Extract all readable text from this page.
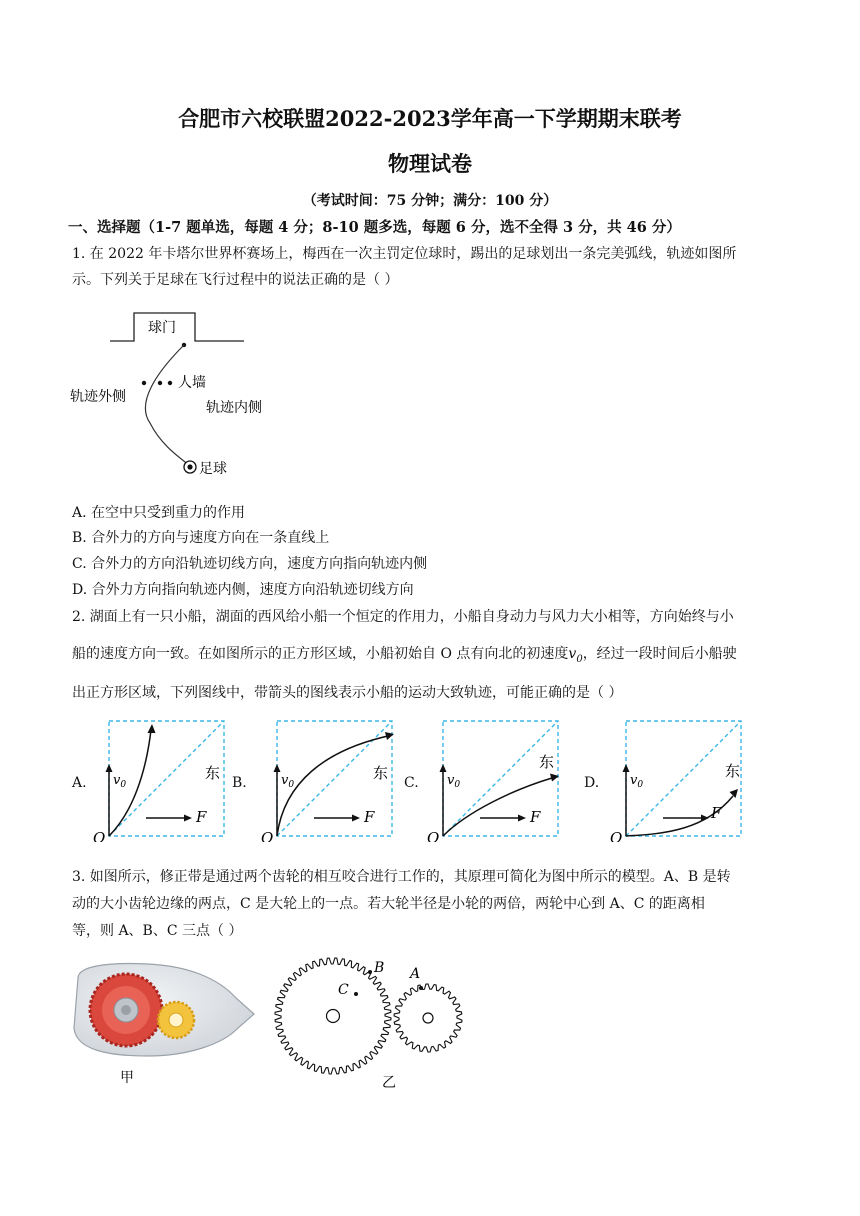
合肥市六校联盟2022-2023学年高一下学期期末联考
物理试卷
（考试时间：75 分钟；满分：100 分）
一、选择题（1-7 题单选，每题 4 分；8-10 题多选，每题 6 分，选不全得 3 分，共 46 分）
1. 在 2022 年卡塔尔世界杯赛场上，梅西在一次主罚定位球时，踢出的足球划出一条完美弧线，轨迹如图所
示。下列关于足球在飞行过程中的说法正确的是（ ）
球门
人墙
轨迹外侧
轨迹内侧
足球
A. 在空中只受到重力的作用
B. 合外力的方向与速度方向在一条直线上
C. 合外力的方向沿轨迹切线方向，速度方向指向轨迹内侧
D. 合外力方向指向轨迹内侧，速度方向沿轨迹切线方向
2. 湖面上有一只小船，湖面的西风给小船一个恒定的作用力，小船自身动力与风力大小相等，方向始终与小
船的速度方向一致。在如图所示的正方形区域，小船初始自 O 点有向北的初速度$v_0$，经过一段时间后小船驶
出正方形区域，下列图线中，带箭头的图线表示小船的运动大致轨迹，可能正确的是（ ）
A.
F
$v_0$
东
O
B.
F
$v_0$
东
O
C.
F
$v_0$
东
O
D.
F
$v_0$
东
O
3. 如图所示，修正带是通过两个齿轮的相互咬合进行工作的，其原理可简化为图中所示的模型。A、B 是转
动的大小齿轮边缘的两点，C 是大轮上的一点。若大轮半径是小轮的两倍，两轮中心到 A、C 的距离相
等，则 A、B、C 三点（ ）
甲
C
B A
乙
